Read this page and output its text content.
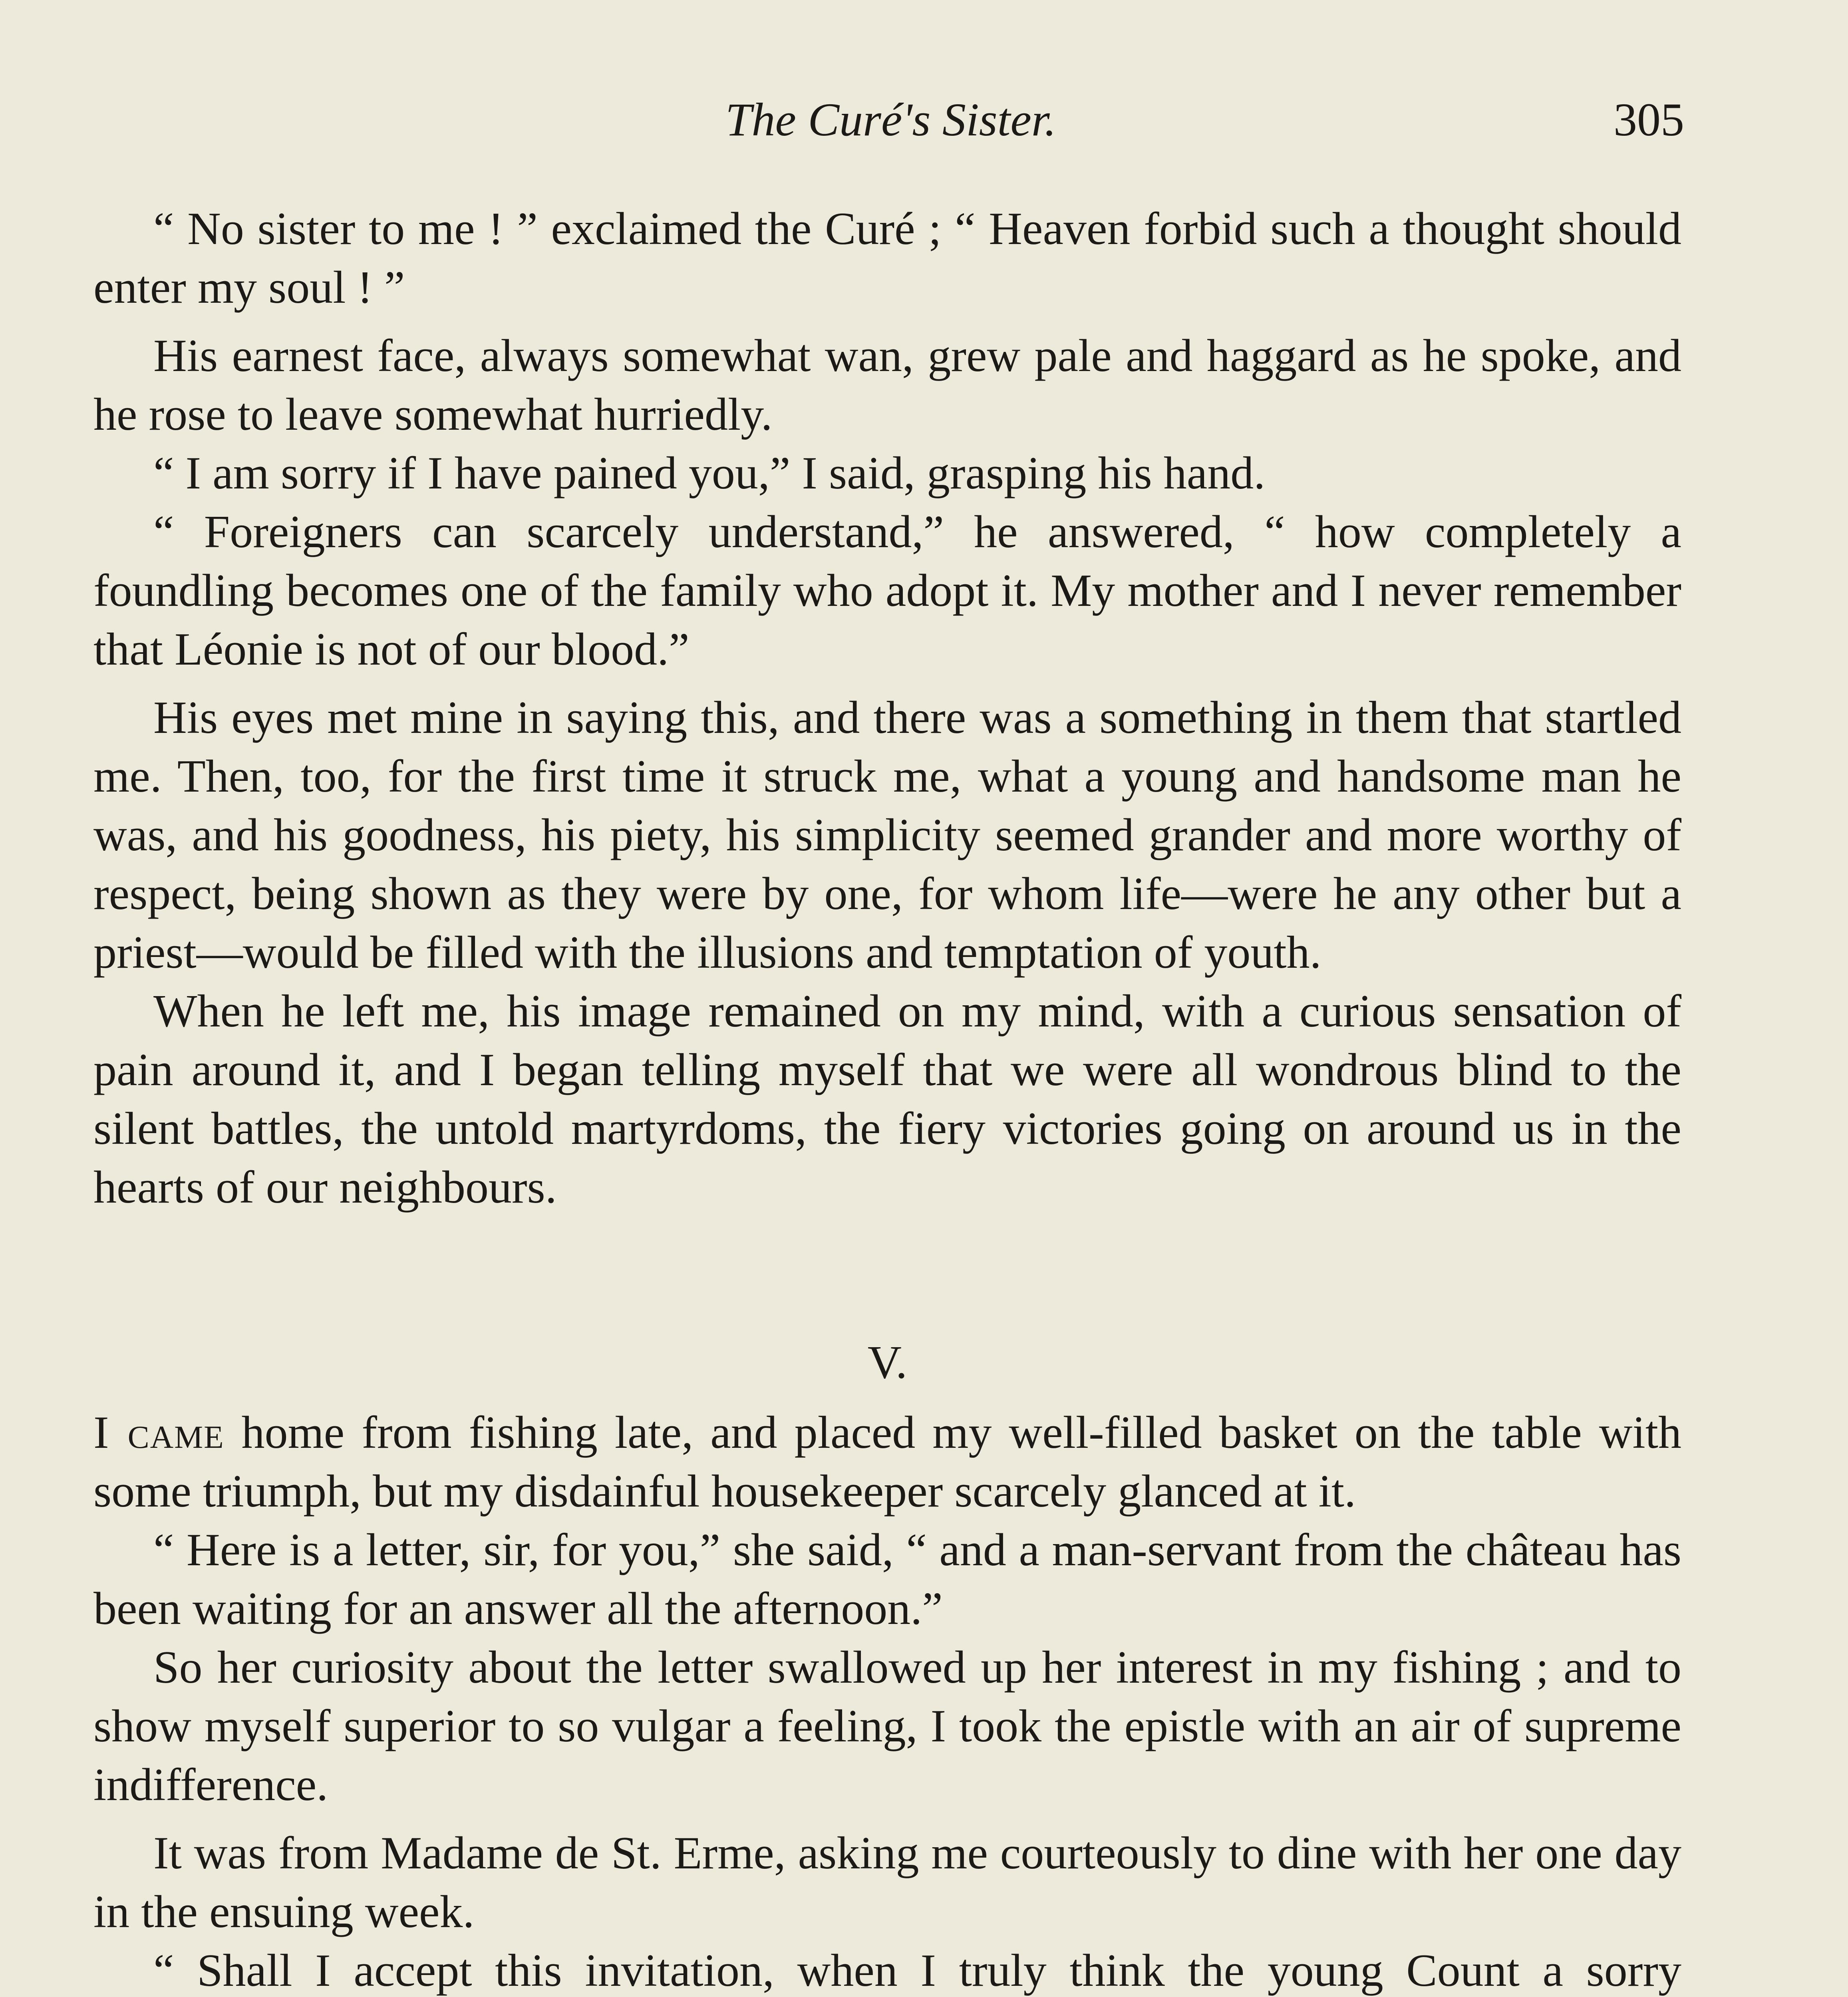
The Curé's Sister.	305

“ No sister to me ! ” exclaimed the Curé ; “ Heaven forbid such a thought should enter my soul ! ”

His earnest face, always somewhat wan, grew pale and haggard as he spoke, and he rose to leave somewhat hurriedly.

“ I am sorry if I have pained you,” I said, grasping his hand.

“ Foreigners can scarcely understand,” he answered, “ how completely a foundling becomes one of the family who adopt it. My mother and I never remember that Léonie is not of our blood.”

His eyes met mine in saying this, and there was a something in them that startled me. Then, too, for the first time it struck me, what a young and handsome man he was, and his goodness, his piety, his simplicity seemed grander and more worthy of respect, being shown as they were by one, for whom life—were he any other but a priest—would be filled with the illusions and temptation of youth.

When he left me, his image remained on my mind, with a curious sensation of pain around it, and I began telling myself that we were all wondrous blind to the silent battles, the untold martyrdoms, the fiery victories going on around us in the hearts of our neighbours.

V.

I came home from fishing late, and placed my well-filled basket on the table with some triumph, but my disdainful housekeeper scarcely glanced at it.

“ Here is a letter, sir, for you,” she said, “ and a man-servant from the château has been waiting for an answer all the afternoon.”

So her curiosity about the letter swallowed up her interest in my fishing ; and to show myself superior to so vulgar a feeling, I took the epistle with an air of supreme indifference.

It was from Madame de St. Erme, asking me courteously to dine with her one day in the ensuing week.

“ Shall I accept this invitation, when I truly think the young Count a sorry
